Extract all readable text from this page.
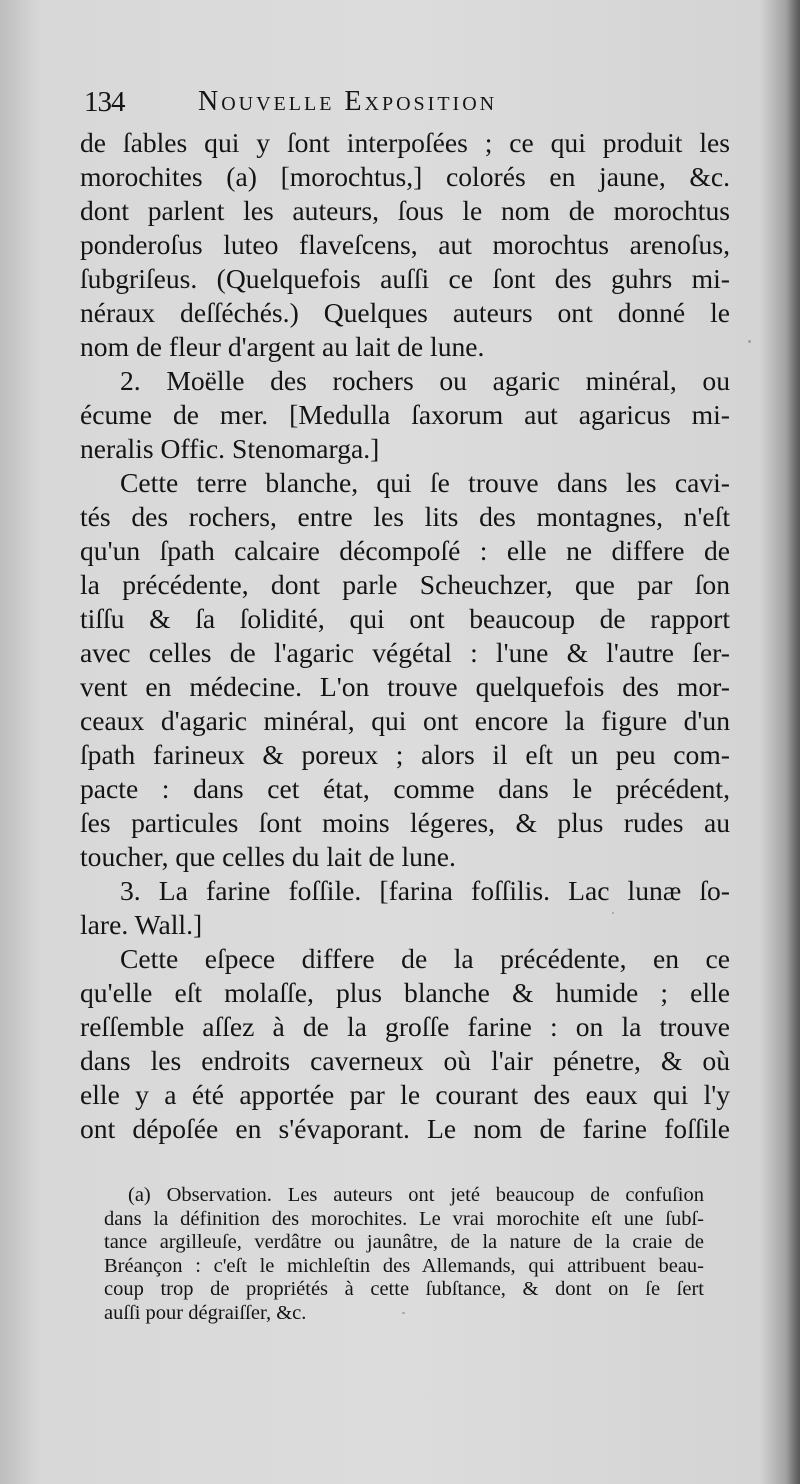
134	Nouvelle Exposition
de ſables qui y ſont interpoſées ; ce qui produit les
morochites (a) [morochtus,] colorés en jaune, &c.
dont parlent les auteurs, ſous le nom de morochtus
ponderoſus luteo flaveſcens, aut morochtus arenoſus,
ſubgriſeus. (Quelquefois auſſi ce ſont des guhrs mi-
néraux deſſéchés.) Quelques auteurs ont donné le
nom de fleur d'argent au lait de lune.
2. Moëlle des rochers ou agaric minéral, ou
écume de mer. [Medulla ſaxorum aut agaricus mi-
neralis Offic. Stenomarga.]
Cette terre blanche, qui ſe trouve dans les cavi-
tés des rochers, entre les lits des montagnes, n'eſt
qu'un ſpath calcaire décompoſé : elle ne differe de
la précédente, dont parle Scheuchzer, que par ſon
tiſſu & ſa ſolidité, qui ont beaucoup de rapport
avec celles de l'agaric végétal : l'une & l'autre ſer-
vent en médecine. L'on trouve quelquefois des mor-
ceaux d'agaric minéral, qui ont encore la figure d'un
ſpath farineux & poreux ; alors il eſt un peu com-
pacte : dans cet état, comme dans le précédent,
ſes particules ſont moins légeres, & plus rudes au
toucher, que celles du lait de lune.
3. La farine foſſile. [farina foſſilis. Lac lunæ ſo-
lare. Wall.]
Cette eſpece differe de la précédente, en ce
qu'elle eſt molaſſe, plus blanche & humide ; elle
reſſemble aſſez à de la groſſe farine : on la trouve
dans les endroits caverneux où l'air pénetre, & où
elle y a été apportée par le courant des eaux qui l'y
ont dépoſée en s'évaporant. Le nom de farine foſſile
(a) Observation. Les auteurs ont jeté beaucoup de confuſion
dans la définition des morochites. Le vrai morochite eſt une ſubſ-
tance argilleuſe, verdâtre ou jaunâtre, de la nature de la craie de
Bréançon : c'eſt le michleſtin des Allemands, qui attribuent beau-
coup trop de propriétés à cette ſubſtance, & dont on ſe ſert
auſſi pour dégraiſſer, &c.
